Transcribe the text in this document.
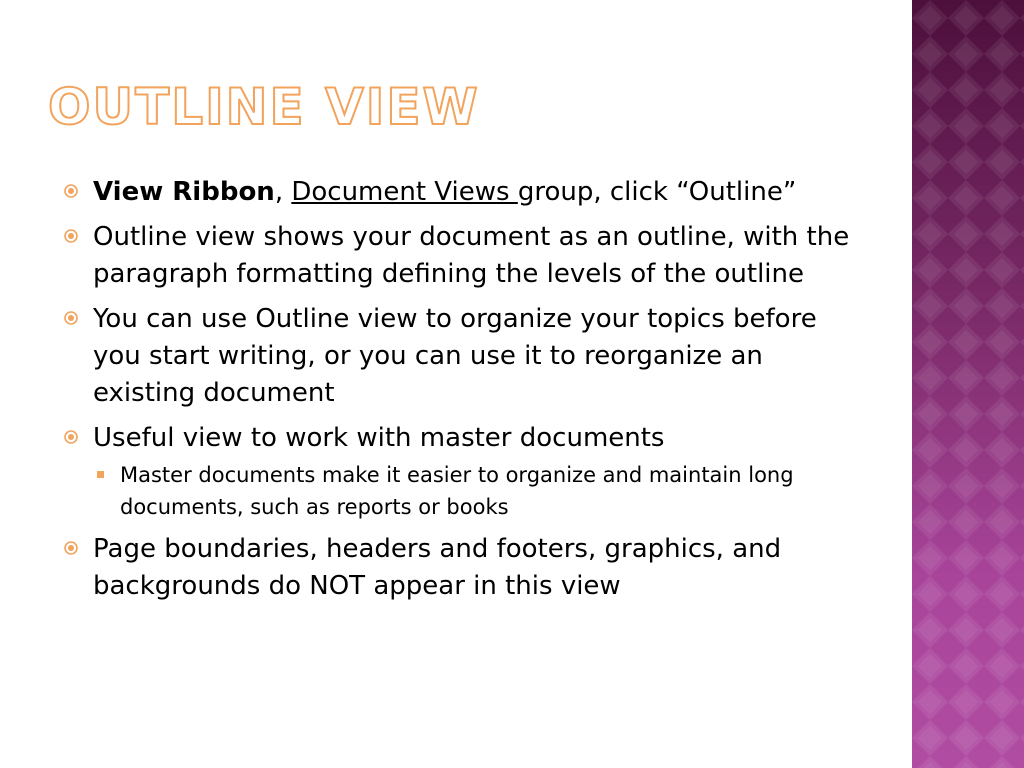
OUTLINE VIEW
View Ribbon, Document Views group, click “Outline”
Outline view shows your document as an outline, with the paragraph formatting defining the levels of the outline
You can use Outline view to organize your topics before you start writing, or you can use it to reorganize an existing document
Useful view to work with master documents
Master documents make it easier to organize and maintain long documents, such as reports or books
Page boundaries, headers and footers, graphics, and backgrounds do NOT appear in this view
